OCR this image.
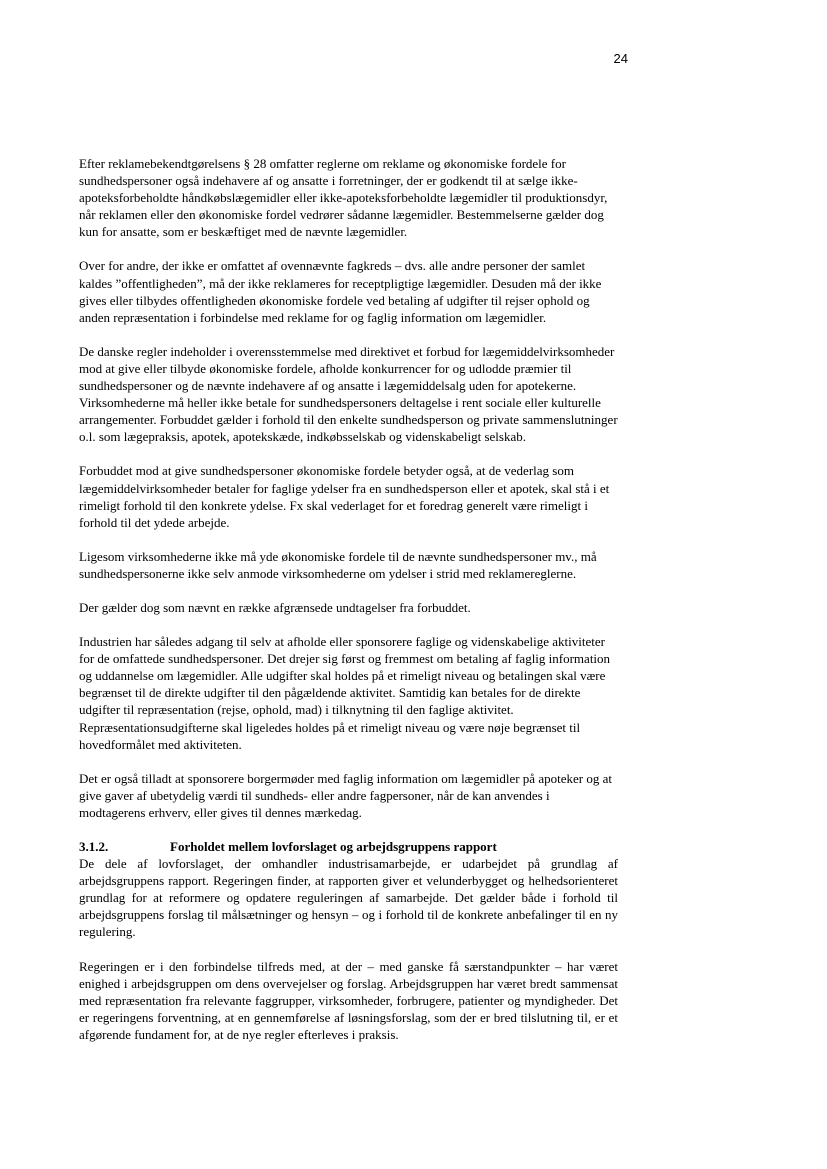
24

Efter reklamebekendtgørelsens § 28 omfatter reglerne om reklame og økonomiske fordele for sundhedspersoner også indehavere af og ansatte i forretninger, der er godkendt til at sælge ikke-apoteksforbeholdte håndkøbslægemidler eller ikke-apoteksforbeholdte lægemidler til produktionsdyr, når reklamen eller den økonomiske fordel vedrører sådanne lægemidler. Bestemmelserne gælder dog kun for ansatte, som er beskæftiget med de nævnte lægemidler.

Over for andre, der ikke er omfattet af ovennævnte fagkreds – dvs. alle andre personer der samlet kaldes ”offentligheden”, må der ikke reklameres for receptpligtige lægemidler. Desuden må der ikke gives eller tilbydes offentligheden økonomiske fordele ved betaling af udgifter til rejser ophold og anden repræsentation i forbindelse med reklame for og faglig information om lægemidler.

De danske regler indeholder i overensstemmelse med direktivet et forbud for lægemiddelvirksomheder mod at give eller tilbyde økonomiske fordele, afholde konkurrencer for og udlodde præmier til sundhedspersoner og de nævnte indehavere af og ansatte i lægemiddelsalg uden for apotekerne. Virksomhederne må heller ikke betale for sundhedspersoners deltagelse i rent sociale eller kulturelle arrangementer. Forbuddet gælder i forhold til den enkelte sundhedsperson og private sammenslutninger o.l. som lægepraksis, apotek, apotekskæde, indkøbsselskab og videnskabeligt selskab.

Forbuddet mod at give sundhedspersoner økonomiske fordele betyder også, at de vederlag som lægemiddelvirksomheder betaler for faglige ydelser fra en sundhedsperson eller et apotek, skal stå i et rimeligt forhold til den konkrete ydelse. Fx skal vederlaget for et foredrag generelt være rimeligt i forhold til det ydede arbejde.

Ligesom virksomhederne ikke må yde økonomiske fordele til de nævnte sundhedspersoner mv., må sundhedspersonerne ikke selv anmode virksomhederne om ydelser i strid med reklamereglerne.

Der gælder dog som nævnt en række afgrænsede undtagelser fra forbuddet.

Industrien har således adgang til selv at afholde eller sponsorere faglige og videnskabelige aktiviteter for de omfattede sundhedspersoner. Det drejer sig først og fremmest om betaling af faglig information og uddannelse om lægemidler. Alle udgifter skal holdes på et rimeligt niveau og betalingen skal være begrænset til de direkte udgifter til den pågældende aktivitet. Samtidig kan betales for de direkte udgifter til repræsentation (rejse, ophold, mad) i tilknytning til den faglige aktivitet. Repræsentationsudgifterne skal ligeledes holdes på et rimeligt niveau og være nøje begrænset til hovedformålet med aktiviteten.

Det er også tilladt at sponsorere borgermøder med faglig information om lægemidler på apoteker og at give gaver af ubetydelig værdi til sundheds- eller andre fagpersoner, når de kan anvendes i modtagerens erhverv, eller gives til dennes mærkedag.

3.1.2.	Forholdet mellem lovforslaget og arbejdsgruppens rapport

De dele af lovforslaget, der omhandler industrisamarbejde, er udarbejdet på grundlag af arbejdsgruppens rapport. Regeringen finder, at rapporten giver et velunderbygget og helhedsorienteret grundlag for at reformere og opdatere reguleringen af samarbejde. Det gælder både i forhold til arbejdsgruppens forslag til målsætninger og hensyn – og i forhold til de konkrete anbefalinger til en ny regulering.

Regeringen er i den forbindelse tilfreds med, at der – med ganske få særstandpunkter – har været enighed i arbejdsgruppen om dens overvejelser og forslag. Arbejdsgruppen har været bredt sammensat med repræsentation fra relevante faggrupper, virksomheder, forbrugere, patienter og myndigheder. Det er regeringens forventning, at en gennemførelse af løsningsforslag, som der er bred tilslutning til, er et afgørende fundament for, at de nye regler efterleves i praksis.
